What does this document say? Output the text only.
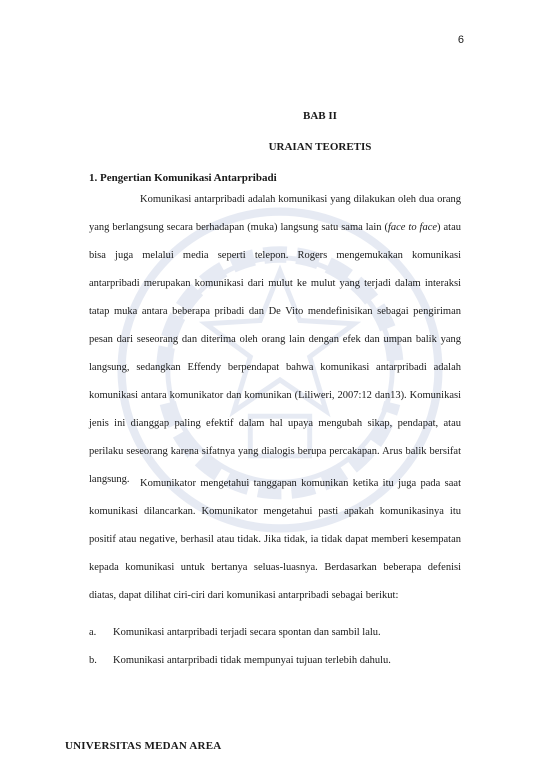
6
BAB II
URAIAN TEORETIS
1. Pengertian Komunikasi Antarpribadi
Komunikasi antarpribadi adalah komunikasi yang dilakukan oleh dua orang yang berlangsung secara berhadapan (muka) langsung satu sama lain (face to face) atau bisa juga melalui media seperti telepon. Rogers mengemukakan komunikasi antarpribadi merupakan komunikasi dari mulut ke mulut yang terjadi dalam interaksi tatap muka antara beberapa pribadi dan De Vito mendefinisikan sebagai pengiriman pesan dari seseorang dan diterima oleh orang lain dengan efek dan umpan balik yang langsung, sedangkan Effendy berpendapat bahwa komunikasi antarpribadi adalah komunikasi antara komunikator dan komunikan (Liliweri, 2007:12 dan13). Komunikasi jenis ini dianggap paling efektif dalam hal upaya mengubah sikap, pendapat, atau perilaku seseorang karena sifatnya yang dialogis berupa percakapan. Arus balik bersifat langsung. Komunikator mengetahui tanggapan komunikan ketika itu juga pada saat komunikasi dilancarkan. Komunikator mengetahui pasti apakah komunikasinya itu positif atau negative, berhasil atau tidak. Jika tidak, ia tidak dapat memberi kesempatan kepada komunikasi untuk bertanya seluas-luasnya. Berdasarkan beberapa defenisi diatas, dapat dilihat ciri-ciri dari komunikasi antarpribadi sebagai berikut:
a. Komunikasi antarpribadi terjadi secara spontan dan sambil lalu.
b. Komunikasi antarpribadi tidak mempunyai tujuan terlebih dahulu.
UNIVERSITAS MEDAN AREA
